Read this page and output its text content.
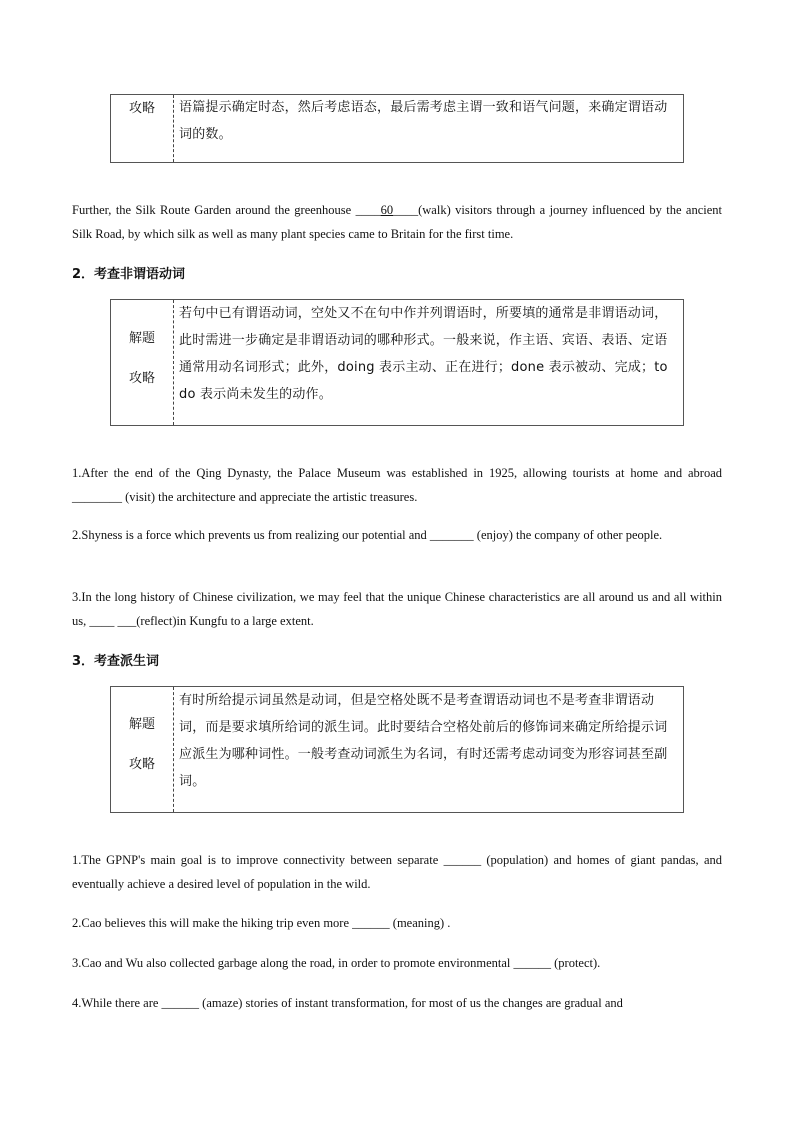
攻略	语篇提示确定时态，然后考虑语态，最后需考虑主谓一致和语气问题，来确定谓语动词的数。
Further, the Silk Route Garden around the greenhouse ____60____(walk) visitors through a journey influenced by the ancient Silk Road, by which silk as well as many plant species came to Britain for the first time.
2．考查非谓语动词
解题
攻略
若句中已有谓语动词，空处又不在句中作并列谓语时，所要填的通常是非谓语动词，此时需进一步确定是非谓语动词的哪种形式。一般来说，作主语、宾语、表语、定语通常用动名词形式；此外，doing 表示主动、正在进行；done 表示被动、完成；to do 表示尚未发生的动作。
1.After the end of the Qing Dynasty, the Palace Museum was established in 1925, allowing tourists at home and abroad ________ (visit) the architecture and appreciate the artistic treasures.
2.Shyness is a force which prevents us from realizing our potential and _______ (enjoy) the company of other people.
3.In the long history of Chinese civilization, we may feel that the unique Chinese characteristics are all around us and all within us, ____ ___(reflect)in Kungfu to a large extent.
3．考查派生词
解题
攻略
有时所给提示词虽然是动词，但是空格处既不是考查谓语动词也不是考查非谓语动词，而是要求填所给词的派生词。此时要结合空格处前后的修饰词来确定所给提示词应派生为哪种词性。一般考查动词派生为名词，有时还需考虑动词变为形容词甚至副词。
1.The GPNP's main goal is to improve connectivity between separate ______ (population) and homes of giant pandas, and eventually achieve a desired level of population in the wild.
2.Cao believes this will make the hiking trip even more ______ (meaning) .
3.Cao and Wu also collected garbage along the road, in order to promote environmental ______ (protect).
4.While there are ______ (amaze) stories of instant transformation, for most of us the changes are gradual and
